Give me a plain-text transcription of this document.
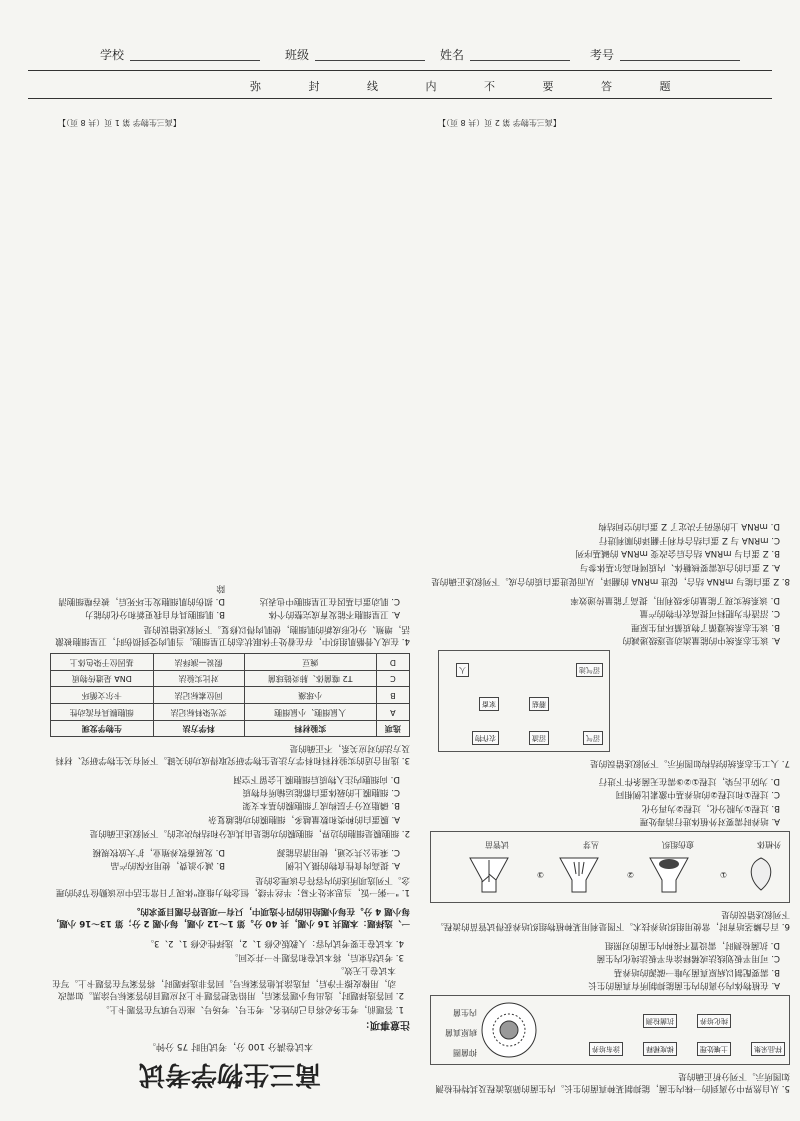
学校	班级	姓名	考号
弥 封 线 内 不 要 答 题
高三生物学考试
本试卷满分 100 分，考试用时 75 分钟。
注意事项：
1. 答题前，考生务必将自己的姓名、考生号、考场号、座位号填写在答题卡上。
2. 回答选择题时，选出每小题答案后，用铅笔把答题卡上对应题目的答案标号涂黑。如需改动，用橡皮擦干净后，再选涂其他答案标号。回答非选择题时，将答案写在答题卡上。写在本试卷上无效。
3. 考试结束后，将本试卷和答题卡一并交回。
4. 本试卷主要考试内容：人教版必修 1、2，选择性必修 1、2、3。
一、选择题：本题共 16 小题，共 40 分。第 1～12 小题，每小题 2 分；第 13～16 小题，每小题 4 分。在每小题给出的四个选项中，只有一项是符合题目要求的。
1. "一粥一饭，当思来处不易；半丝半缕，恒念物力维艰"体现了日常生活中应该勤俭节约的理念。下列选项所述的内容符合该理念的是
A. 提高肉食性食物的摄入比例
B. 减少浪费，使用环保的产品
C. 乘坐公共交通，使用清洁能源
D. 发展畜牧养殖业，扩大放牧规模
2. 细胞膜是细胞的边界，细胞膜的功能是由其成分和结构决定的。下列叙述正确的是
A. 膜蛋白的种类和数量越多，细胞膜的功能越复杂
B. 磷脂双分子层构成了细胞膜的基本支架
C. 细胞膜上的载体蛋白都能运输所有物质
D. 向细胞内注入物质后细胞膜上会留下空洞
3. 选用合适的实验材料和科学方法是生物学研究取得成功的关键。下列有关生物学研究、材料及方法的对应关系，不正确的是
选项	实验材料	科学方法	生物学发现
A	人鼠细胞、小鼠细胞	荧光染料标记法	细胞膜具有流动性
B	小球藻	同位素标记法	卡尔文循环
C	T2 噬菌体、肺炎链球菌	对比实验法	DNA 是遗传物质
D	豌豆	假说—演绎法	基因位于染色体上
4. 在成人骨骼肌组织中，存在着处于休眠状态的卫星细胞。当肌肉受到损伤时，卫星细胞被激活，增殖、分化形成新的肌细胞，使肌肉得以修复。下列叙述错误的是
A. 卫星细胞不能发育成完整的个体
B. 肌细胞具有自我更新和分化的能力
C. 肌动蛋白基因在卫星细胞中也表达
D. 损伤的肌细胞发生坏死后，被吞噬细胞清除
【高三生物学 第 1 页（共 8 页）】
5. 从自然界中分离到的一株内生菌，能抑制某种真菌的生长。内生菌的筛选流程及其特性检测如图所示。下列分析正确的是
样品采集
土壤处理
梯度稀释
涂布培养
纯化培养
抗菌检测
抑菌圈
病原真菌
内生菌
A. 在植物体内分离的内生菌能抑制所有真菌的生长
B. 需要配制以病原真菌为唯一碳源的培养基
C. 可用平板划线法或稀释涂布平板法纯化内生菌
D. 抗菌检测时，需设置不接种内生菌的对照组
6. 百合鳞茎培育时，常使用组织培养技术。下图是利用某种植物组织培养获得试管苗的流程。下列叙述错误的是
外植体
①
愈伤组织
②
丛芽
③
试管苗
A. 培养时需要对外植体进行消毒处理
B. 过程①为脱分化，过程②为再分化
C. 过程①和过程②的培养基中激素比例相同
D. 为防止污染，过程①②③需在无菌条件下进行
7. 人工生态系统的结构如图所示。下列叙述错误的是
沼气
沼渣
农作物
家畜
人
蘑菇
沼气池
A. 该生态系统中的能量流动是逐级递减的
B. 该生态系统遵循了物质循环再生原理
C. 沼渣作为肥料可提高农作物的产量
D. 该系统实现了能量的多级利用，提高了能量传递效率
8. Z 蛋白能与 mRNA 结合，促进 mRNA 的翻译，从而促进蛋白质的合成。下列叙述正确的是
A. Z 蛋白的合成需要核糖体、内质网和高尔基体参与
B. Z 蛋白与 mRNA 结合后会改变 mRNA 的碱基序列
C. mRNA 与 Z 蛋白结合有利于翻译的顺利进行
D. mRNA 上的密码子决定了 Z 蛋白的空间结构
【高三生物学 第 2 页（共 8 页）】
